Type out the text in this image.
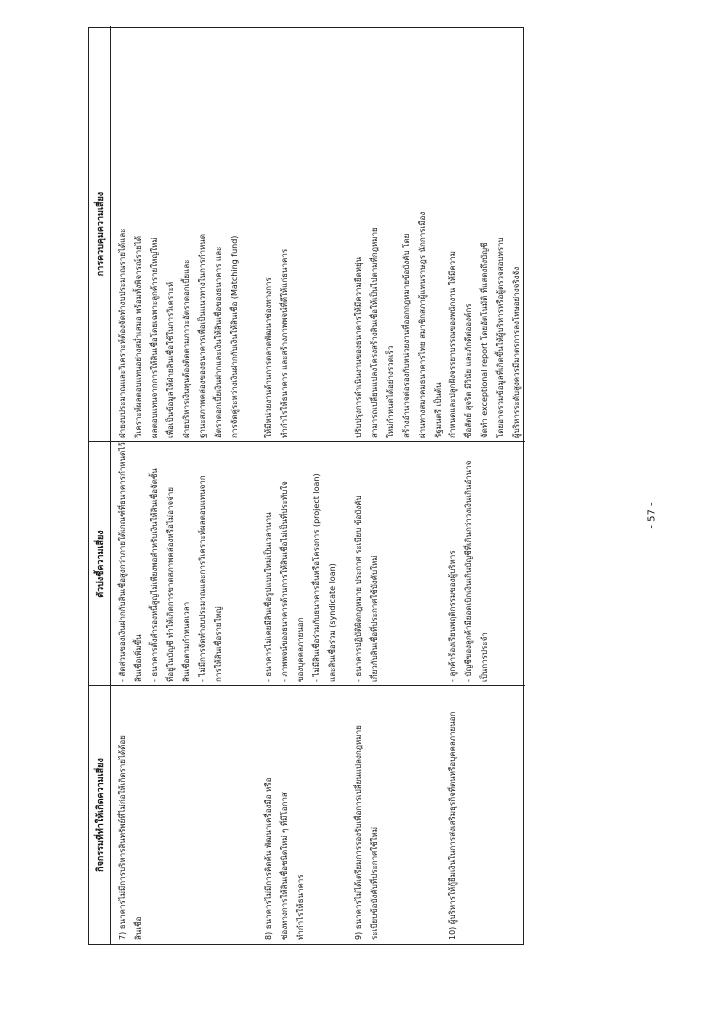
กิจกรรมที่ทำให้เกิดความเสี่ยง
ตัวบ่งชี้ความเสี่ยง
การควบคุมความเสี่ยง
7) ธนาคารไม่มีการบริหารสินทรัพย์ที่ไม่ก่อให้เกิดรายได้ด้อย สินเชื่อ
- สัดส่วนของเงินฝากกับสินเชื่อสูงกว่าภายใต้เกณฑ์ที่ธนาคารกำหนดไว้ สินเชื่อเพิ่มขึ้น - ธนาคารตั้งสำรองหนี้สูญไม่เพียงพอสำหรับเงินให้สินเชื่อจัดชั้น ที่อยู่ในบัญชี ทำให้เกิดการขาดสภาพคล่องหรือไม่อาจจ่าย สินเชื่อตามกำหนดเวลา - ไม่มีการจัดทำงบประมาณและการวิเคราะห์ผลตอบแทนจาก การให้สินเชื่อรายใหญ่
ฝ่ายงบประมาณและวิเคราะห์ต้องจัดทำงบประมาณรายได้และ วิเคราะห์ผลตอบแทนอย่างสม่ำเสมอ พร้อมทั้งพิจารณ์รายได้ ผลตอบแทนจากการให้สินเชื่อโดยเฉพาะลูกค้ารายใหญ่ใหม่ เพื่อเป็นข้อมูลให้ฝ่ายสินเชื่อใช้ในการวิเคราะห์ ฝ่ายบริหารเงินทุนต้องติดตามภาวะอัตราดอกเบี้ยและ ฐานะสภาพคล่องของธนาคารเพื่อเป็นแนวทางในการกำหนด อัตราดอกเบี้ยเงินฝากและเงินให้สินเชื่อของธนาคาร และ การจัดคู่ระหว่างเงินฝากกับเงินให้สินเชื่อ (Matching fund)
8) ธนาคารไม่มีการคิดค้น พัฒนาเครื่องมือ หรือ ช่องทางการให้สินเชื่อชนิดใหม่ ๆ ที่มีโอกาส ทำกำไรให้ธนาคาร
- ธนาคารไม่เคยมีสินเชื่อรูปแบบใหม่เป็นเวลานาน - ภาพพจน์ของธนาคารด้านการให้สินเชื่อไม่เป็นที่ประทับใจ ของบุคคลภายนอก - ไม่มีสินเชื่อร่วมกับธนาคารอื่นหรือโครงการ (project loan) และสินเชื่อร่วม (syndicate loan)
ให้มีหน่วยงานด้านการตลาดพัฒนาช่องทางการ ทำกำไรให้ธนาคาร และสร้างภาพพจน์ที่ดีให้แก่ธนาคาร
9) ธนาคารไม่ได้เตรียมการรองรับเพื่อการเปลี่ยนแปลงกฎหมาย ระเบียบข้อบังคับที่ประกาศใช้ใหม่
- ธนาคารปฏิบัติผิดกฎหมาย ประกาศ ระเบียบ ข้อบังคับ เกี่ยวกับสินเชื่อที่ประกาศใช้บังคับใหม่
ปรับปรุงการดำเนินงานของธนาคารให้มีความยืดหยุ่น สามารถเปลี่ยนแปลงโครงสร้างสินเชื่อให้เป็นไปตามที่กฎหมาย ใหม่กำหนดได้อย่างรวดเร็ว สร้างอำนาจต่อรองกับหน่วยงานที่ออกกฎหมายข้อบังคับ โดย ผ่านทางสมาคมธนาคารไทย สมาชิกสภาผู้แทนราษฎร นักการเมือง รัฐมนตรี เป็นต้น
10) ผู้บริหารให้กู้ยืมเงินในการส่งเสริมธุรกิจที่ตนหรือบุคคลภายนอก
- ลูกค้าร้องเรียนพฤติกรรมของผู้บริหาร - บัญชีของลูกค้ามียอดเบิกเงินเกินบัญชีที่เกินกว่าวงเงินเกินอำนาจ เป็นการประจำ
กำหนดและปลูกฝังจรรยาบรรณของพนักงาน ให้มีความ ซื่อสัตย์ สุจริต มีวินัย และภักดีต่อองค์กร จัดทำ exceptional report โดยอัตโนมัติ ที่แสดงถึงบัญชี โดยอาจรวมข้อมูลที่เกิดขึ้นให้ผู้บริหารหรือผู้ตรวจสอบทราบ ผู้บริหารระดับสูงควรมีมาตรการลงโทษอย่างจริงจัง
- 57 -
